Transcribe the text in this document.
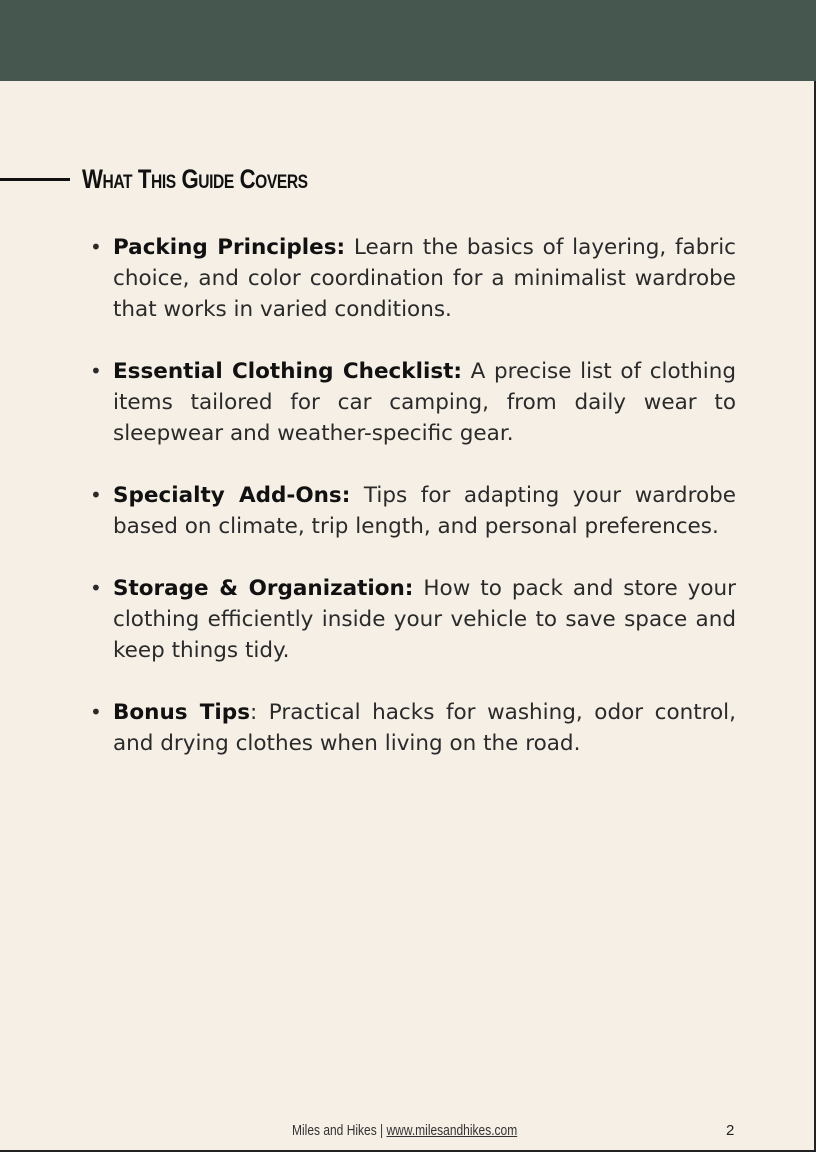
What This Guide Covers
• Packing Principles: Learn the basics of layering, fabric choice, and color coordination for a minimalist wardrobe that works in varied conditions.
• Essential Clothing Checklist: A precise list of clothing items tailored for car camping, from daily wear to sleepwear and weather-specific gear.
• Specialty Add-Ons: Tips for adapting your wardrobe based on climate, trip length, and personal preferences.
• Storage & Organization: How to pack and store your clothing efficiently inside your vehicle to save space and keep things tidy.
• Bonus Tips: Practical hacks for washing, odor control, and drying clothes when living on the road.
Miles and Hikes | www.milesandhikes.com	2
